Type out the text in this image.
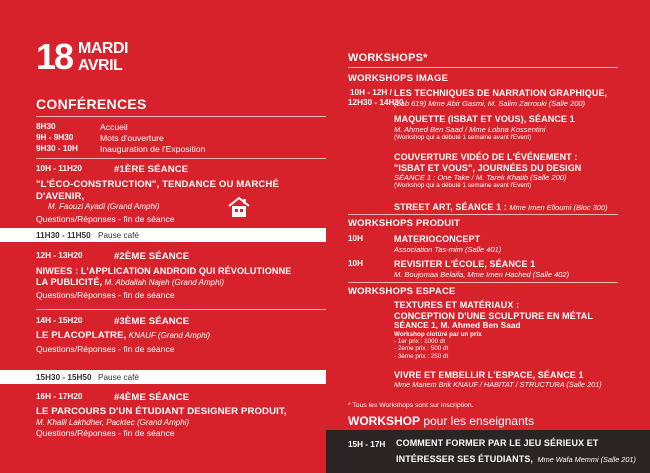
18 MARDI
AVRIL
CONFÉRENCES
8H30	Accueil
9H - 9H30	Mots d'ouverture
9H30 - 10H	Inauguration de l'Exposition
10H - 11H20	#1ÈRE SÉANCE
"L'ÉCO-CONSTRUCTION", TENDANCE OU MARCHÉ D'AVENIR,
M. Faouzi Ayadi (Grand Amphi)
Questions/Réponses - fin de séance
11H30 - 11H50 Pause café
12H - 13H20	#2ÈME SÉANCE
NIWEES : L'APPLICATION ANDROID QUI RÉVOLUTIONNE
LA PUBLICITÉ, M. Abdallah Najeh (Grand Amphi)
Questions/Réponses - fin de séance
14H - 15H20	#3ÈME SÉANCE
LE PLACOPLATRE, KNAUF (Grand Amphi)
Questions/Réponses - fin de séance
15H30 - 15H50 Pause café
16H - 17H20	#4ÈME SÉANCE
LE PARCOURS D'UN ÉTUDIANT DESIGNER PRODUIT,
M. Khalil Lakhdher, Packtec (Grand Amphi)
Questions/Réponses - fin de séance
WORKSHOPS*
WORKSHOPS IMAGE
10H - 12H /
12H30 - 14H30
LES TECHNIQUES DE NARRATION GRAPHIQUE,
(Lab 619) Mme Abir Gasmi, M. Salim Zarrouki (Salle 200)
MAQUETTE (ISBAT ET VOUS), SÉANCE 1
M. Ahmed Ben Saad / Mme Lobna Kossentini
(Workshop qui a débuté 1 semaine avant l'Event)
COUVERTURE VIDÉO DE L'ÉVÉNEMENT :
"ISBAT ET VOUS", JOURNÉES DU DESIGN
SÉANCE 1 : One Take / M. Tarek Khatib (Salle 200)
(Workshop qui a débuté 1 semaine avant l'Event)
STREET ART, SÉANCE 1 : Mme Imen Elloumi (Bloc 300)
WORKSHOPS PRODUIT
10H	MATERIOCONCEPT
Association Tas-mim (Salle 401)
10H	REVISITER L'ÉCOLE, SÉANCE 1
M. Boujomaa Belaifa, Mme Imen Hached (Salle 402)
WORKSHOPS ESPACE
TEXTURES ET MATÉRIAUX :
CONCEPTION D'UNE SCULPTURE EN MÉTAL
SÉANCE 1, M. Ahmed Ben Saad
Workshop clotûré par un prix
- 1er prix : 1000 dt
- 2ème prix : 500 dt
- 3ème prix : 250 dt
VIVRE ET EMBELLIR L'ESPACE, SÉANCE 1
Mme Mariem Brik KNAUF / HABITAT / STRUCTURA (Salle 201)
* Tous les Workshops sont sur inscription.
WORKSHOP pour les enseignants
15H - 17H COMMENT FORMER PAR LE JEU SÉRIEUX ET
INTÉRESSER SES ÉTUDIANTS, Mme Wafa Memmi (Salle 201)
